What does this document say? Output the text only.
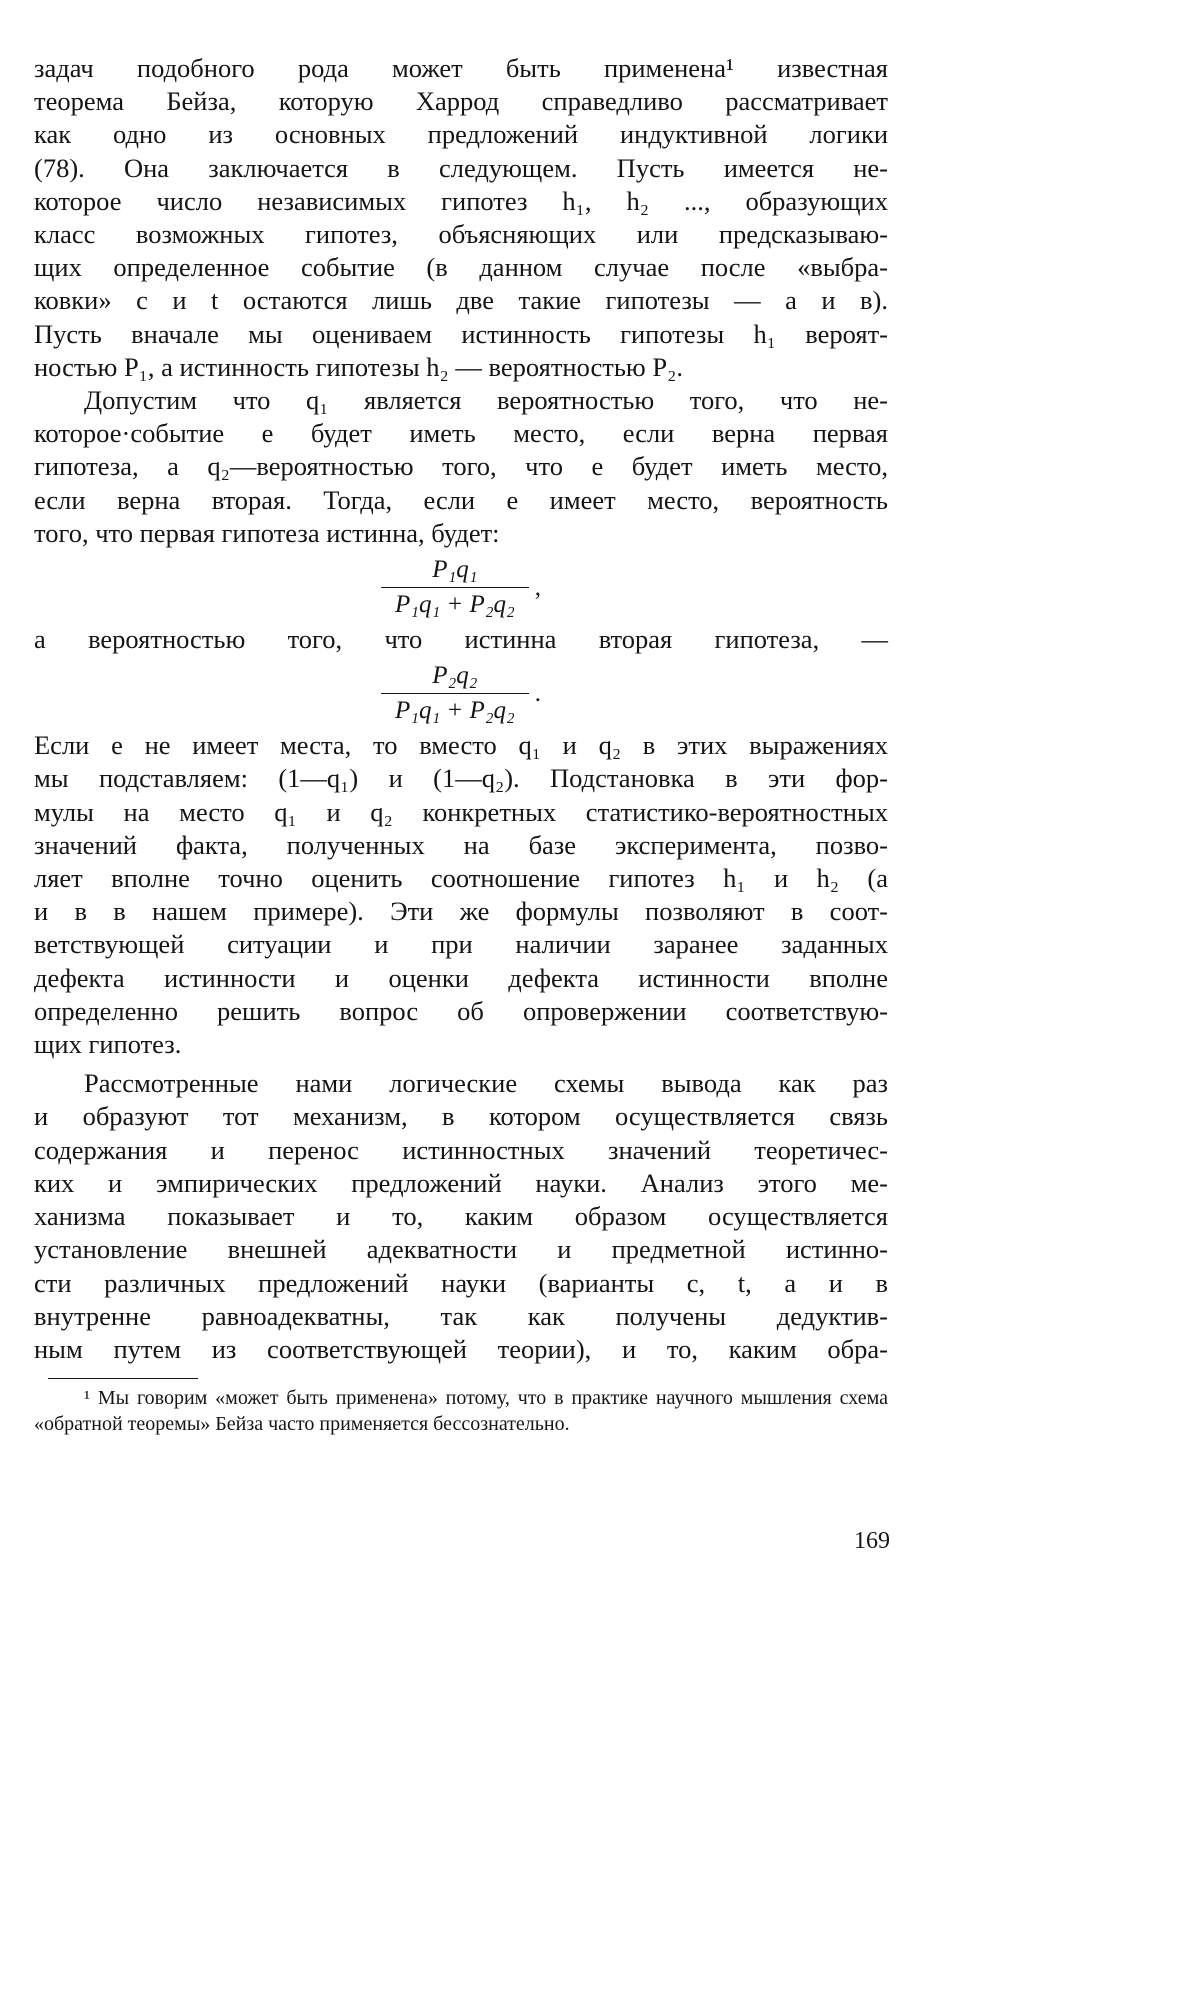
задач подобного рода может быть применена¹ известная
теорема Бейза, которую Харрод справедливо рассматривает
как одно из основных предложений индуктивной логики
(78). Она заключается в следующем. Пусть имеется не-
которое число независимых гипотез h₁, h₂ ..., образующих
класс возможных гипотез, объясняющих или предсказываю-
щих определенное событие (в данном случае после «выбра-
ковки» c и t остаются лишь две такие гипотезы — a и в).
Пусть вначале мы оцениваем истинность гипотезы h₁ вероят-
ностью P₁, а истинность гипотезы h₂ — вероятностью P₂.

Допустим что q₁ является вероятностью того, что не-
которое·событие e будет иметь место, если верна первая
гипотеза, а q₂—вероятностью того, что e будет иметь место,
если верна вторая. Тогда, если e имеет место, вероятность
того, что первая гипотеза истинна, будет:

$\frac{\text{P₁q₁}}{\text{P₁q₁ + P₂q₂}}$ ,

а вероятностью того, что истинна вторая гипотеза, —

$\frac{\text{P₂q₂}}{\text{P₁q₁ + P₂q₂}}$ .

Если e не имеет места, то вместо q₁ и q₂ в этих выражениях
мы подставляем: (1—q₁) и (1—q₂). Подстановка в эти фор-
мулы на место q₁ и q₂ конкретных статистико-вероятностных
значений факта, полученных на базе эксперимента, позво-
ляет вполне точно оценить соотношение гипотез h₁ и h₂ (a
и в в нашем примере). Эти же формулы позволяют в соот-
ветствующей ситуации и при наличии заранее заданных
дефекта истинности и оценки дефекта истинности вполне
определенно решить вопрос об опровержении соответствую-
щих гипотез.

Рассмотренные нами логические схемы вывода как раз
и образуют тот механизм, в котором осуществляется связь
содержания и перенос истинностных значений теоретичес-
ких и эмпирических предложений науки. Анализ этого ме-
ханизма показывает и то, каким образом осуществляется
установление внешней адекватности и предметной истинно-
сти различных предложений науки (варианты c, t, a и в
внутренне равноадекватны, так как получены дедуктив-
ным путем из соответствующей теории), и то, каким обра-

¹ Мы говорим «может быть применена» потому, что в практике научного мышления схема «обратной теоремы» Бейза часто применяется бессознательно.

169
